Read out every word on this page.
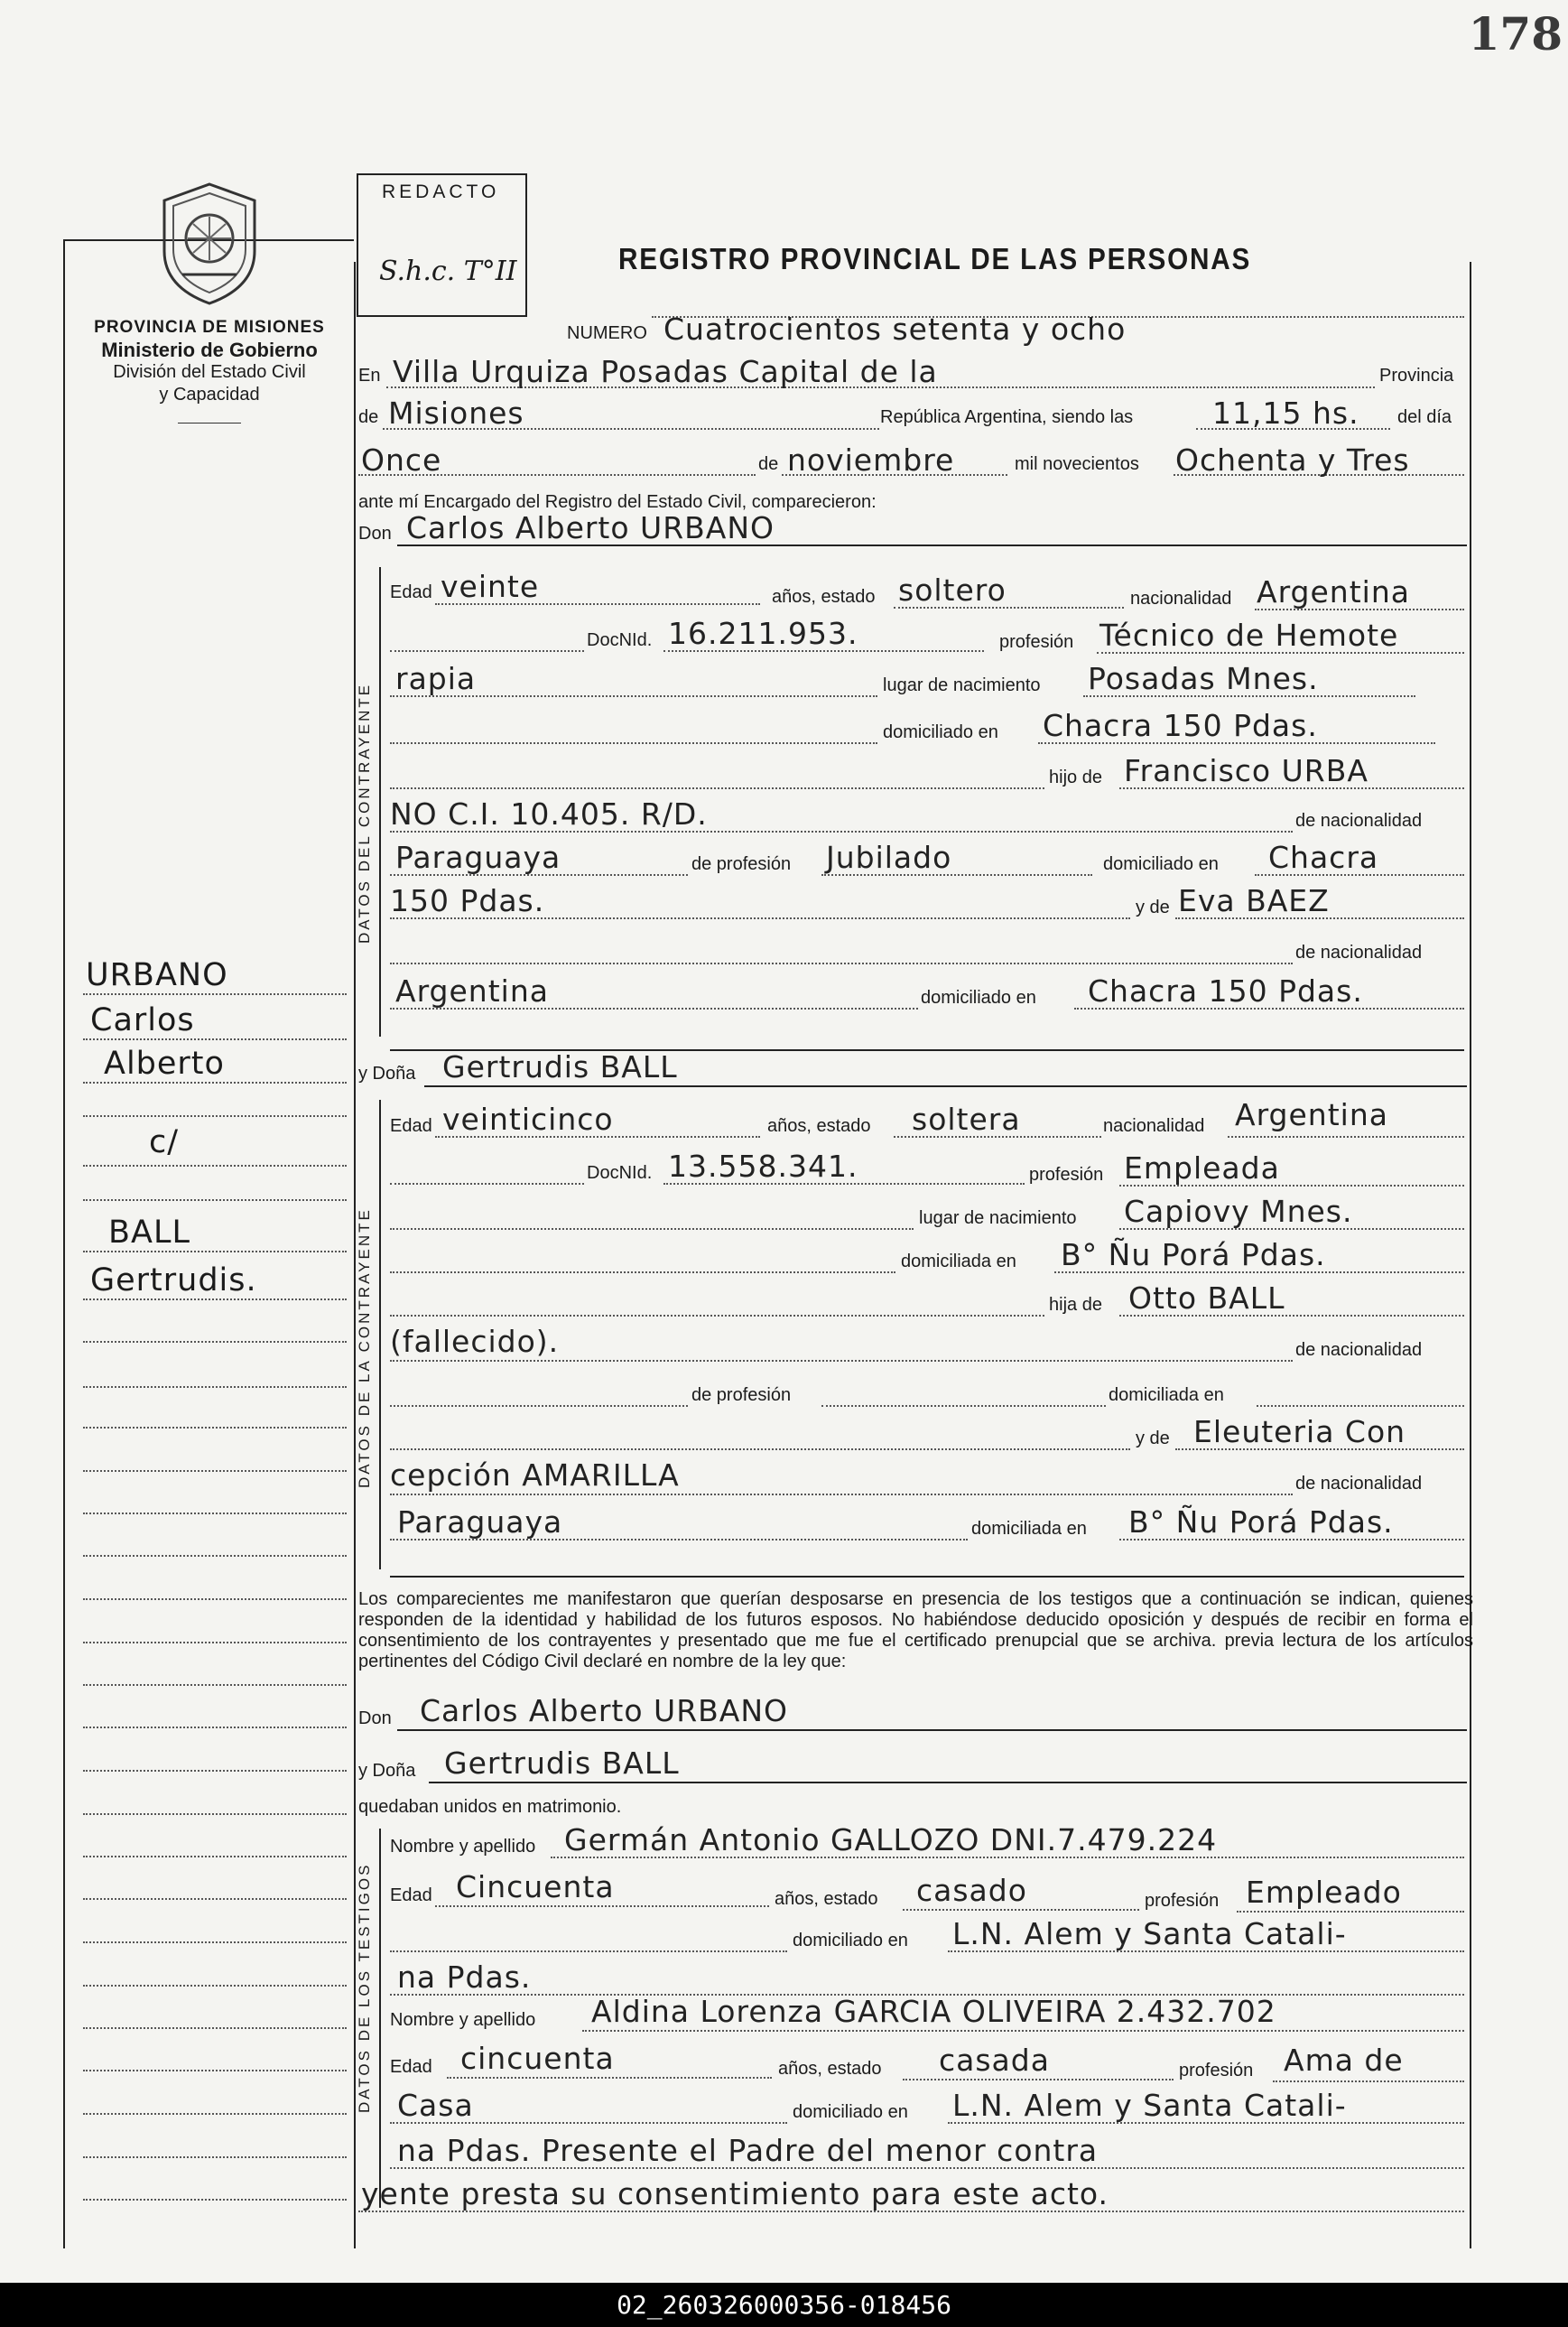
178
PROVINCIA DE MISIONES
Ministerio de Gobierno
División del Estado Civil
y Capacidad
REDACTO
S.h.c. T°II	REGISTRO PROVINCIAL DE LAS PERSONAS
NUMERO Cuatrocientos setenta y ocho
En Villa Urquiza Posadas Capital de la	Provincia
de Misiones	República Argentina, siendo las	11,15 hs. del día
Once	de noviembre	mil novecientos Ochenta y Tres
ante mí Encargado del Registro del Estado Civil, comparecieron:
Don Carlos Alberto URBANO
DATOS DEL CONTRAYENTE
Edad veinte	años, estado soltero	nacionalidad Argentina
DocNId. 16.211.953.	profesión Técnico de Hemote
rapia	lugar de nacimiento Posadas Mnes.
domiciliado en Chacra 150 Pdas.
hijo de Francisco URBA
NO C.I. 10.405. R/D.	de nacionalidad
Paraguaya	de profesión Jubilado	domiciliado en Chacra
150 Pdas.	y de Eva BAEZ
de nacionalidad
Argentina	domiciliado en Chacra 150 Pdas.
URBANO
Carlos
Alberto
c/
BALL
Gertrudis.
y Doña Gertrudis BALL
DATOS DE LA CONTRAYENTE
Edad veinticinco	años, estado soltera	nacionalidad Argentina
DocNId. 13.558.341.	profesión Empleada
lugar de nacimiento Capiovy Mnes.
domiciliada en B° Ñu Porá Pdas.
hija de Otto BALL
(fallecido).	de nacionalidad
de profesión	domiciliada en
y de Eleuteria Con
cepción AMARILLA	de nacionalidad
Paraguaya	domiciliada en B° Ñu Porá Pdas.
Los comparecientes me manifestaron que querían desposarse en presencia de los testigos que a continuación se indican, quienes responden de la identidad y habilidad de los futuros esposos. No habiéndose deducido oposición y después de recibir en forma el consentimiento de los contrayentes y presentado que me fue el certificado prenupcial que se archiva. previa lectura de los artículos pertinentes del Código Civil declaré en nombre de la ley que:
Don Carlos Alberto URBANO
y Doña Gertrudis BALL
quedaban unidos en matrimonio.
DATOS DE LOS TESTIGOS
Nombre y apellido Germán Antonio GALLOZO DNI.7.479.224
Edad Cincuenta	años, estado casado	profesión Empleado
domiciliado en L.N. Alem y Santa Catali-
na Pdas.
Nombre y apellido Aldina Lorenza GARCIA OLIVEIRA 2.432.702
Edad cincuenta	años, estado casada	profesión Ama de
Casa	domiciliado en L.N. Alem y Santa Catali-
na Pdas. Presente el Padre del menor contra
yente presta su consentimiento para este acto.
02_260326000356-018456
